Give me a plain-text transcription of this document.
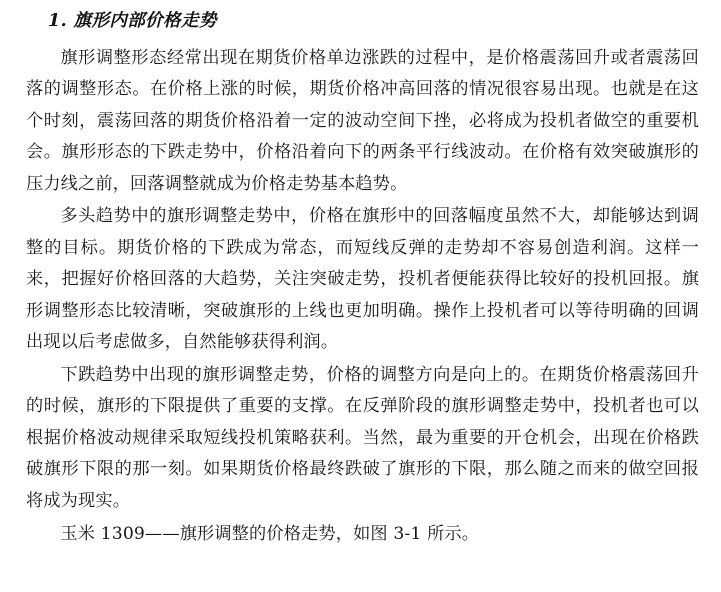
1. 旗形内部价格走势

旗形调整形态经常出现在期货价格单边涨跌的过程中，是价格震荡回升或者震荡回落的调整形态。在价格上涨的时候，期货价格冲高回落的情况很容易出现。也就是在这个时刻，震荡回落的期货价格沿着一定的波动空间下挫，必将成为投机者做空的重要机会。旗形形态的下跌走势中，价格沿着向下的两条平行线波动。在价格有效突破旗形的压力线之前，回落调整就成为价格走势基本趋势。

多头趋势中的旗形调整走势中，价格在旗形中的回落幅度虽然不大，却能够达到调整的目标。期货价格的下跌成为常态，而短线反弹的走势却不容易创造利润。这样一来，把握好价格回落的大趋势，关注突破走势，投机者便能获得比较好的投机回报。旗形调整形态比较清晰，突破旗形的上线也更加明确。操作上投机者可以等待明确的回调出现以后考虑做多，自然能够获得利润。

下跌趋势中出现的旗形调整走势，价格的调整方向是向上的。在期货价格震荡回升的时候，旗形的下限提供了重要的支撑。在反弹阶段的旗形调整走势中，投机者也可以根据价格波动规律采取短线投机策略获利。当然，最为重要的开仓机会，出现在价格跌破旗形下限的那一刻。如果期货价格最终跌破了旗形的下限，那么随之而来的做空回报将成为现实。

玉米 1309——旗形调整的价格走势，如图 3-1 所示。
